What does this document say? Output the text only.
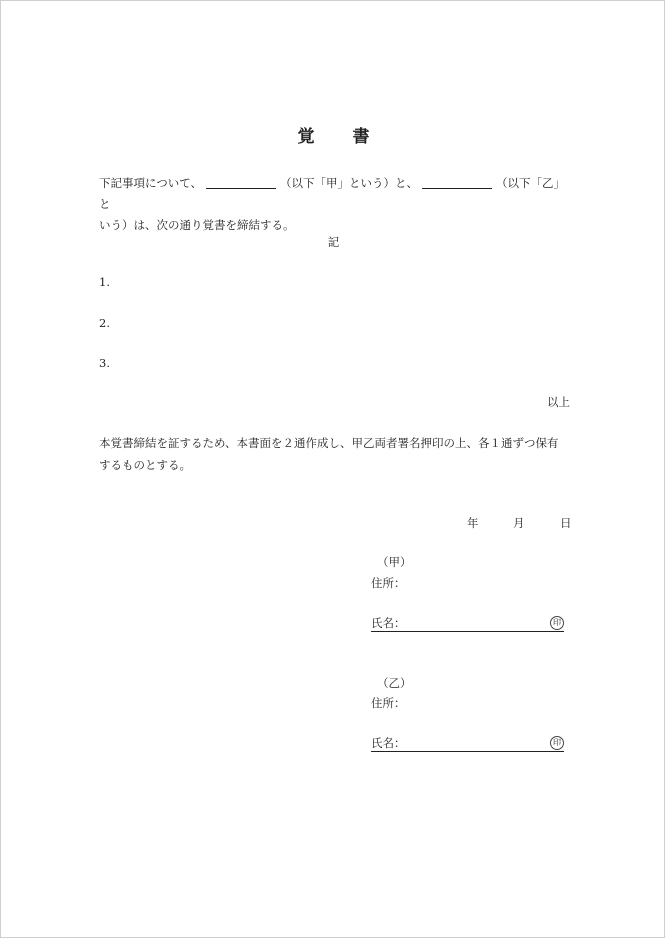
覚 書
下記事項について、	（以下「甲」という）と、	（以下「乙」と
いう）は、次の通り覚書を締結する。
記
1.
2.
3.
以上
本覚書締結を証するため、本書面を２通作成し、甲乙両者署名押印の上、各１通ずつ保有
するものとする。
年	月	日
（甲）
住所：
氏名：	印
（乙）
住所：
氏名：	印
